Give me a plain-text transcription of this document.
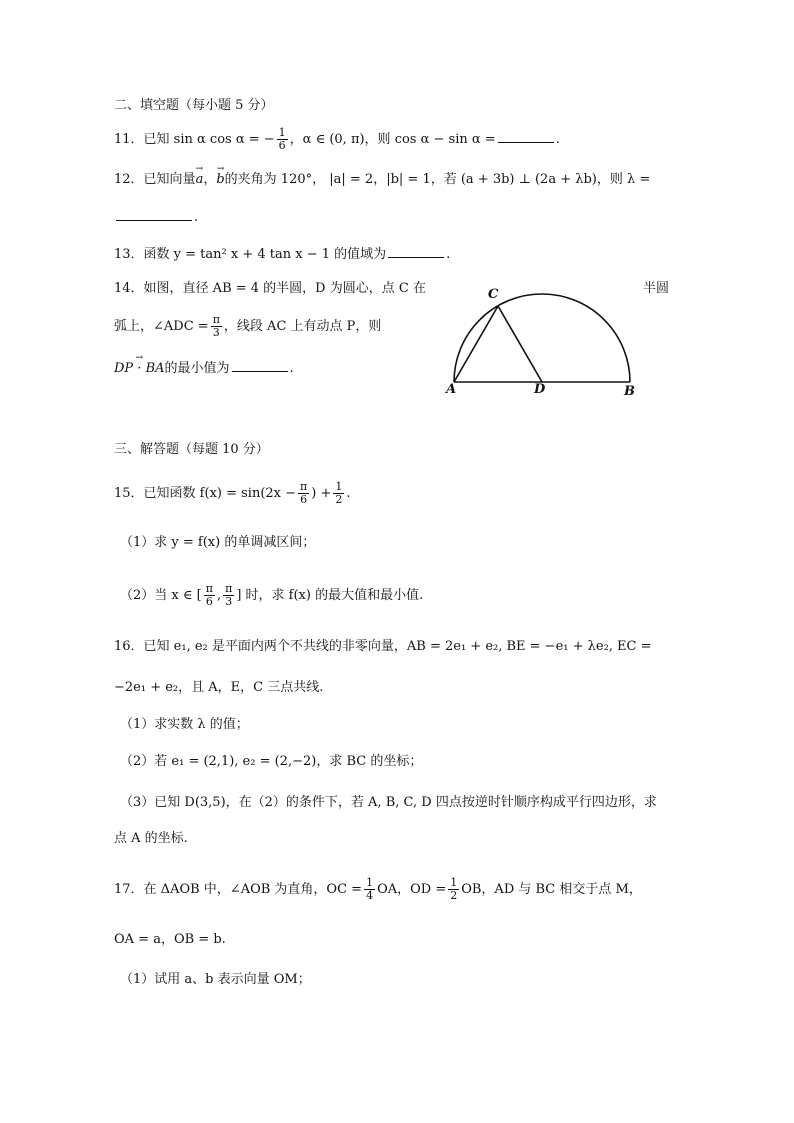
二、填空题（每小题 5 分）
11．已知 sin α cos α = − $\frac{1}{6}$ ，α ∈ (0, π)，则 cos α − sin α =	.
12．已知向量→ a，→ b的夹角为 120°， |a| = 2，|b| = 1，若 (a + 3b) ⊥ (2a + λb)，则 λ =
.
13．函数 y = tan² x + 4 tan x − 1 的值域为	.
14．如图，直径 AB = 4 的半圆，D 为圆心，点 C 在	半圆
弧上，∠ADC = $\frac{\pi}{3}$ ，线段 AC 上有动点 P，则
→ DP · BA的最小值为	.
C
A	D	B
三、解答题（每题 10 分）
15．已知函数 $f(x) = \sin(2x - \frac{\pi}{6}$ ) + $\frac{1}{2}$ .
（1）求 y = f(x) 的单调减区间；
（2）当 x ∈ [ $\frac{\pi}{6}$ , $\frac{\pi}{3}$ ] 时，求 f(x) 的最大值和最小值.
16．已知 e₁, e₂ 是平面内两个不共线的非零向量，AB = 2e₁ + e₂, BE = −e₁ + λe₂, EC =
−2e₁ + e₂，且 A，E，C 三点共线.
（1）求实数 λ 的值；
（2）若 e₁ = (2,1), e₂ = (2,−2)，求 BC 的坐标；
（3）已知 D(3,5)，在（2）的条件下，若 A, B, C, D 四点按逆时针顺序构成平行四边形，求
点 A 的坐标.
17．在 ΔAOB 中，∠AOB 为直角，OC = $\frac{1}{4}$ OA，OD = $\frac{1}{2}$ OB，AD 与 BC 相交于点 M，
OA = a，OB = b.
（1）试用 a、b 表示向量 OM；
